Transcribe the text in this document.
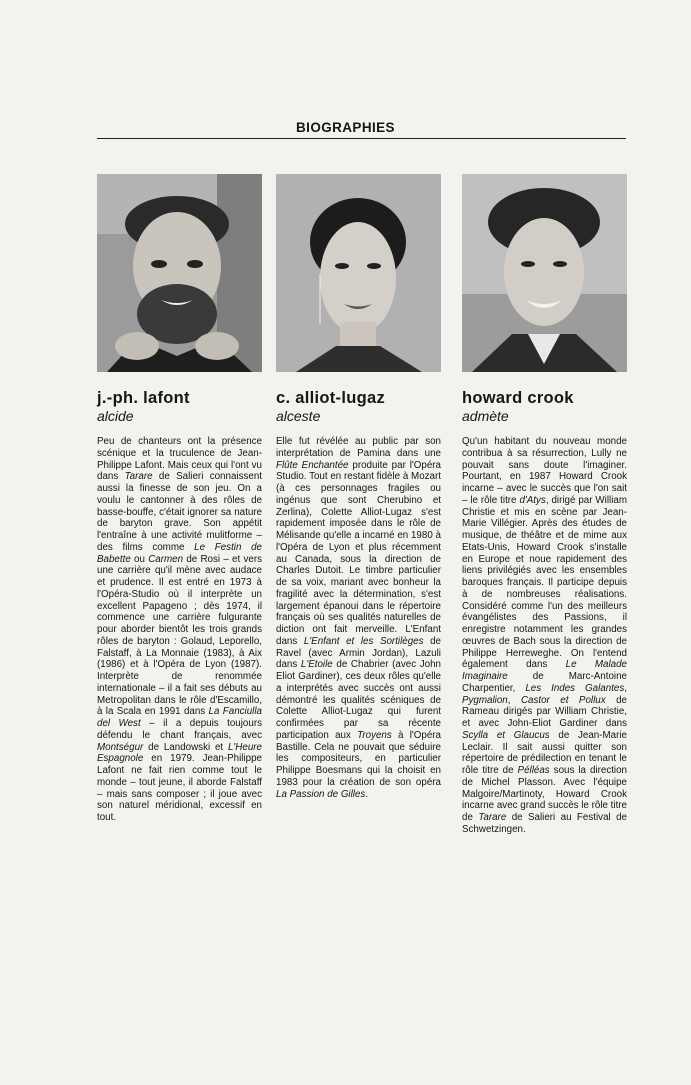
BIOGRAPHIES
j.-ph. lafont
alcide
Peu de chanteurs ont la présence scénique et la truculence de Jean-Philippe Lafont. Mais ceux qui l'ont vu dans Tarare de Salieri connaissent aussi la finesse de son jeu. On a voulu le cantonner à des rôles de basse-bouffe, c'était ignorer sa nature de baryton grave. Son appétit l'entraîne à une activité mulitforme – des films comme Le Festin de Babette ou Carmen de Rosi – et vers une carrière qu'il mène avec audace et prudence. Il est entré en 1973 à l'Opéra-Studio où il interprète un excellent Papageno ; dès 1974, il commence une carrière fulgurante pour aborder bientôt les trois grands rôles de baryton : Golaud, Leporello, Falstaff, à La Monnaie (1983), à Aix (1986) et à l'Opéra de Lyon (1987). Interprète de renommée internationale – il a fait ses débuts au Metropolitan dans le rôle d'Escamillo, à la Scala en 1991 dans La Fanciulla del West – il a depuis toujours défendu le chant français, avec Montségur de Landowski et L'Heure Espagnole en 1979. Jean-Philippe Lafont ne fait rien comme tout le monde – tout jeune, il aborde Falstaff – mais sans composer ; il joue avec son naturel méridional, excessif en tout.
c. alliot-lugaz
alceste
Elle fut révélée au public par son interprétation de Pamina dans une Flûte Enchantée produite par l'Opéra Studio. Tout en restant fidèle à Mozart (à ces personnages fragiles ou ingénus que sont Cherubino et Zerlina), Colette Alliot-Lugaz s'est rapidement imposée dans le rôle de Mélisande qu'elle a incarné en 1980 à l'Opéra de Lyon et plus récemment au Canada, sous la direction de Charles Dutoit. Le timbre particulier de sa voix, mariant avec bonheur la fragilité avec la détermination, s'est largement épanoui dans le répertoire français où ses qualités naturelles de diction ont fait merveille. L'Enfant dans L'Enfant et les Sortilèges de Ravel (avec Armin Jordan), Lazuli dans L'Etoile de Chabrier (avec John Eliot Gardiner), ces deux rôles qu'elle a interprétés avec succès ont aussi démontré les qualités scéniques de Colette Alliot-Lugaz qui furent confirmées par sa récente participation aux Troyens à l'Opéra Bastille. Cela ne pouvait que séduire les compositeurs, en particulier Philippe Boesmans qui la choisit en 1983 pour la création de son opéra La Passion de Gilles.
howard crook
admète
Qu'un habitant du nouveau monde contribua à sa résurrection, Lully ne pouvait sans doute l'imaginer. Pourtant, en 1987 Howard Crook incarne – avec le succès que l'on sait – le rôle titre d'Atys, dirigé par William Christie et mis en scène par Jean-Marie Villégier. Après des études de musique, de théâtre et de mime aux Etats-Unis, Howard Crook s'installe en Europe et noue rapidement des liens privilégiés avec les ensembles baroques français. Il participe depuis à de nombreuses réalisations. Considéré comme l'un des meilleurs évangélistes des Passions, il enregistre notamment les grandes œuvres de Bach sous la direction de Philippe Herreweghe. On l'entend également dans Le Malade Imaginaire de Marc-Antoine Charpentier, Les Indes Galantes, Pygmalion, Castor et Pollux de Rameau dirigés par William Christie, et avec John-Eliot Gardiner dans Scylla et Glaucus de Jean-Marie Leclair. Il sait aussi quitter son répertoire de prédilection en tenant le rôle titre de Pélléas sous la direction de Michel Plasson. Avec l'équipe Malgoire/Martinoty, Howard Crook incarne avec grand succès le rôle titre de Tarare de Salieri au Festival de Schwetzingen.
